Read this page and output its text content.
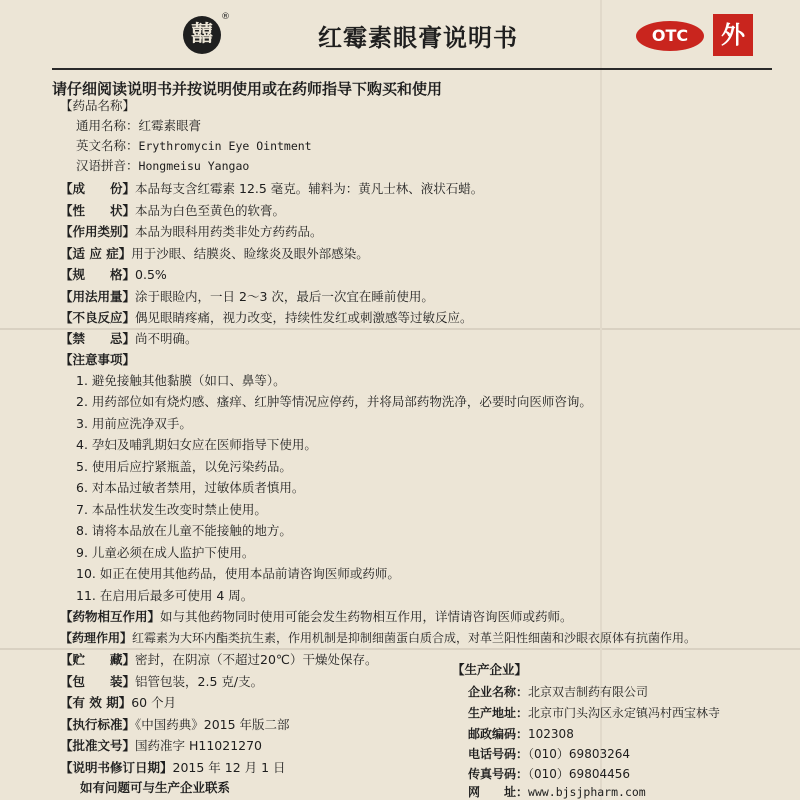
囍
®
红霉素眼膏说明书	OTC	外
请仔细阅读说明书并按说明使用或在药师指导下购买和使用
【药品名称】
通用名称：红霉素眼膏
英文名称：Erythromycin Eye Ointment
汉语拼音：Hongmeisu Yangao
【成　　份】本品每支含红霉素 12.5 毫克。辅料为：黄凡士林、液状石蜡。
【性　　状】本品为白色至黄色的软膏。
【作用类别】本品为眼科用药类非处方药药品。
【适 应 症】用于沙眼、结膜炎、睑缘炎及眼外部感染。
【规　　格】0.5%
【用法用量】涂于眼睑内，一日 2～3 次，最后一次宜在睡前使用。
【不良反应】偶见眼睛疼痛，视力改变，持续性发红或刺激感等过敏反应。
【禁　　忌】尚不明确。
【注意事项】
1. 避免接触其他黏膜（如口、鼻等）。
2. 用药部位如有烧灼感、瘙痒、红肿等情况应停药，并将局部药物洗净，必要时向医师咨询。
3. 用前应洗净双手。
4. 孕妇及哺乳期妇女应在医师指导下使用。
5. 使用后应拧紧瓶盖，以免污染药品。
6. 对本品过敏者禁用，过敏体质者慎用。
7. 本品性状发生改变时禁止使用。
8. 请将本品放在儿童不能接触的地方。
9. 儿童必须在成人监护下使用。
10. 如正在使用其他药品，使用本品前请咨询医师或药师。
11. 在启用后最多可使用 4 周。
【药物相互作用】如与其他药物同时使用可能会发生药物相互作用，详情请咨询医师或药师。
【药理作用】红霉素为大环内酯类抗生素，作用机制是抑制细菌蛋白质合成，对革兰阳性细菌和沙眼衣原体有抗菌作用。
【贮　　藏】密封，在阴凉（不超过20℃）干燥处保存。
【包　　装】铝管包装，2.5 克/支。
【有 效 期】60 个月
【执行标准】《中国药典》2015 年版二部
【批准文号】国药准字 H11021270
【说明书修订日期】2015 年 12 月 1 日
如有问题可与生产企业联系
【生产企业】
企业名称：北京双吉制药有限公司
生产地址：北京市门头沟区永定镇冯村西宝林寺
邮政编码：102308
电话号码：（010）69803264
传真号码：（010）69804456
网　　址：www.bjsjpharm.com
